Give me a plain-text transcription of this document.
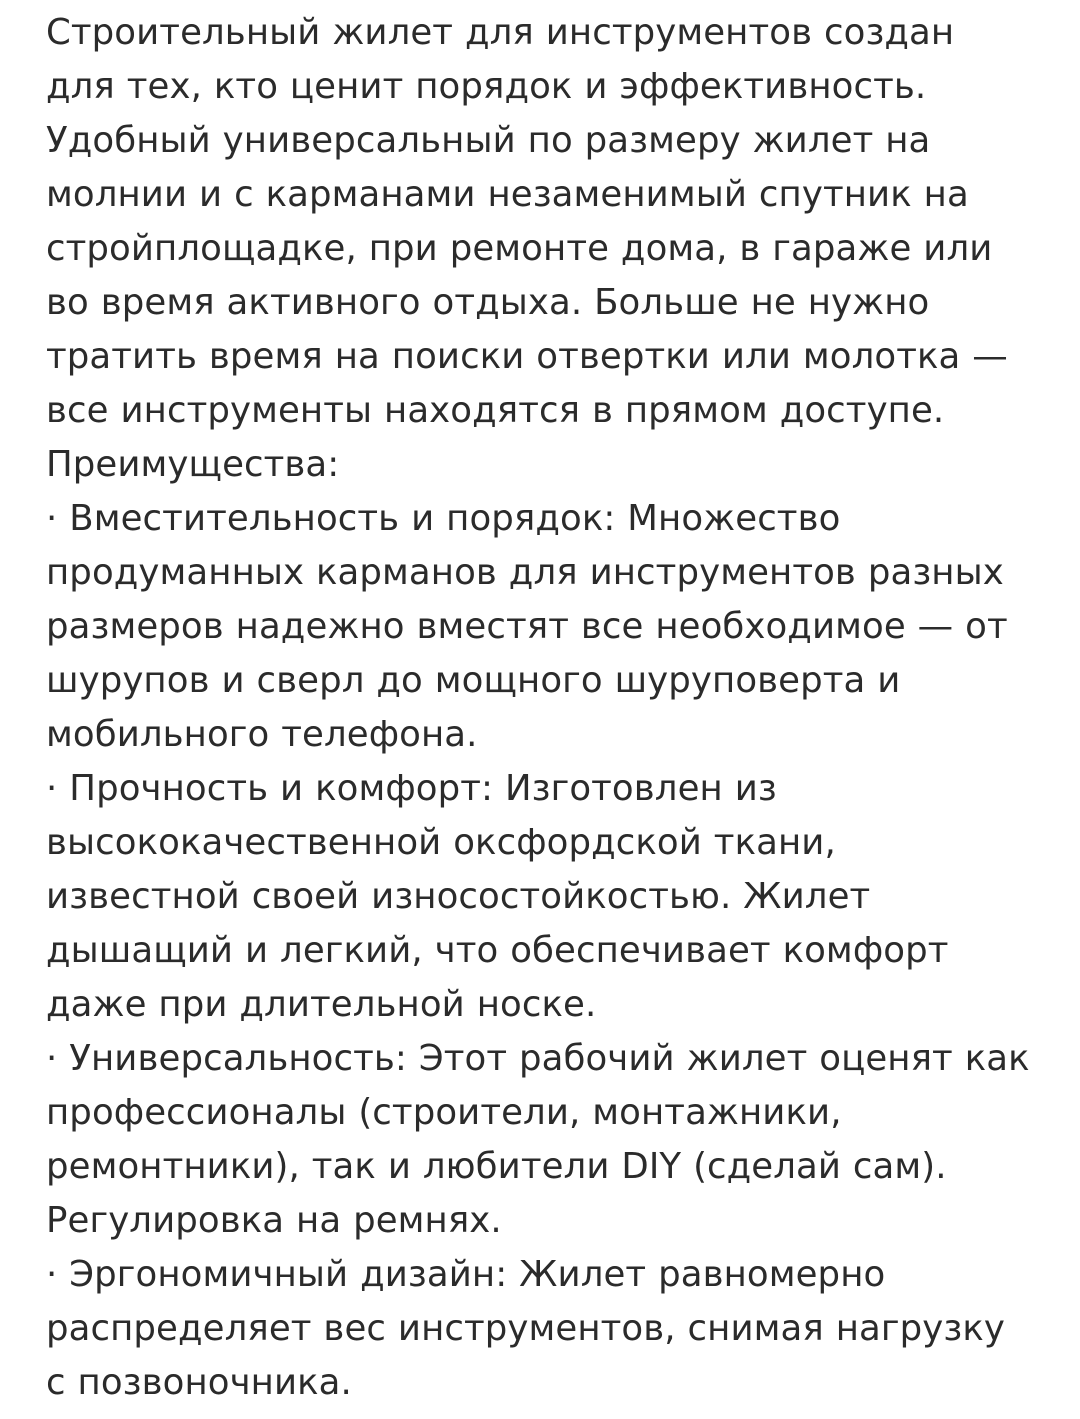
Строительный жилет для инструментов создан для тех, кто ценит порядок и эффективность. Удобный универсальный по размеру жилет на молнии и с карманами незаменимый спутник на стройплощадке, при ремонте дома, в гараже или во время активного отдыха. Больше не нужно тратить время на поиски отвертки или молотка — все инструменты находятся в прямом доступе.

Преимущества:

· Вместительность и порядок: Множество продуманных карманов для инструментов разных размеров надежно вместят все необходимое — от шурупов и сверл до мощного шуруповерта и мобильного телефона.

· Прочность и комфорт: Изготовлен из высококачественной оксфордской ткани, известной своей износостойкостью. Жилет дышащий и легкий, что обеспечивает комфорт даже при длительной носке.

· Универсальность: Этот рабочий жилет оценят как профессионалы (строители, монтажники, ремонтники), так и любители DIY (сделай сам). Регулировка на ремнях.

· Эргономичный дизайн: Жилет равномерно распределяет вес инструментов, снимая нагрузку с позвоночника.
